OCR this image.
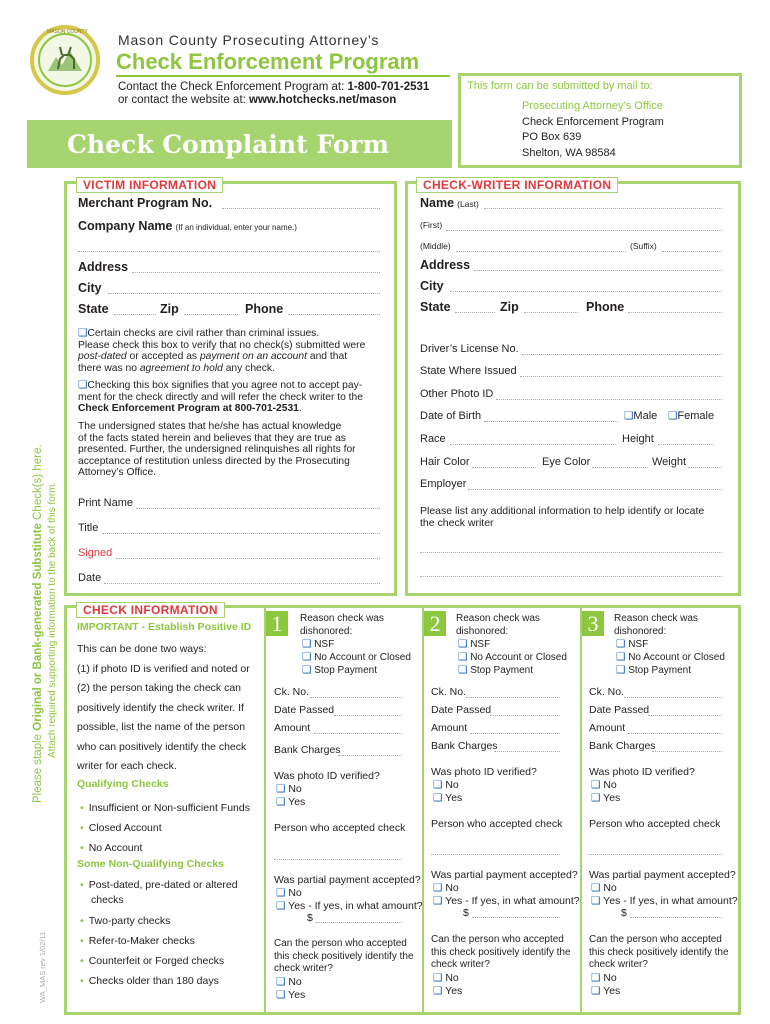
MASON COUNTY Mason County Prosecuting Attorney’s
Check Enforcement Program
Contact the Check Enforcement Program at: 1-800-701-2531
or contact the website at: www.hotchecks.net/mason
Check Complaint Form
This form can be submitted by mail to:
Prosecuting Attorney’s Office
Check Enforcement Program
PO Box 639
Shelton, WA 98584
Please staple Original or Bank-generated Substitute Check(s) here. Attach required supporting information to the back of this form.
WA_MAS rev 1/02/11
VICTIM INFORMATION
Merchant Program No.
Company Name (If an individual, enter your name.)
Address
City
State	Zip	Phone
❑Certain checks are civil rather than criminal issues.
Please check this box to verify that no check(s) submitted were
post-dated or accepted as payment on an account and that
there was no agreement to hold any check.
❑Checking this box signifies that you agree not to accept pay-
ment for the check directly and will refer the check writer to the
Check Enforcement Program at 800-701-2531.
The undersigned states that he/she has actual knowledge
of the facts stated herein and believes that they are true as
presented. Further, the undersigned relinquishes all rights for
acceptance of restitution unless directed by the Prosecuting
Attorney’s Office.
Print Name
Title
Signed
Date
CHECK-WRITER INFORMATION
Name (Last)
(First)
(Middle)	(Suffix)
Address
City
State	Zip	Phone
Driver’s License No.
State Where Issued
Other Photo ID
Date of Birth	❑Male ❑Female
Race	Height
Hair Color	Eye Color	Weight
Employer
Please list any additional information to help identify or locate
the check writer
CHECK INFORMATION
IMPORTANT - Establish Positive ID
This can be done two ways:
(1) if photo ID is verified and noted or
(2) the person taking the check can
positively identify the check writer. If
possible, list the name of the person
who can positively identify the check
writer for each check.
Qualifying Checks
• Insufficient or Non-sufficient Funds
• Closed Account
• No Account
Some Non-Qualifying Checks
• Post-dated, pre-dated or altered
checks
• Two-party checks
• Refer-to-Maker checks
• Counterfeit or Forged checks
• Checks older than 180 days
1	Reason check was
dishonored:
❑ NSF
❑ No Account or Closed
❑ Stop Payment
Ck. No.
Date Passed
Amount
Bank Charges
Was photo ID verified?
❑ No
❑ Yes
Person who accepted check
Was partial payment accepted?
❑ No
❑ Yes - If yes, in what amount?
$
Can the person who accepted
this check positively identify the
check writer?
❑ No
❑ Yes
2	Reason check was
dishonored:
❑ NSF
❑ No Account or Closed
❑ Stop Payment
Ck. No.
Date Passed
Amount
Bank Charges
Was photo ID verified?
❑ No
❑ Yes
Person who accepted check
Was partial payment accepted?
❑ No
❑ Yes - If yes, in what amount?
$
Can the person who accepted
this check positively identify the
check writer?
❑ No
❑ Yes
3	Reason check was
dishonored:
❑ NSF
❑ No Account or Closed
❑ Stop Payment
Ck. No.
Date Passed
Amount
Bank Charges
Was photo ID verified?
❑ No
❑ Yes
Person who accepted check
Was partial payment accepted?
❑ No
❑ Yes - If yes, in what amount?
$
Can the person who accepted
this check positively identify the
check writer?
❑ No
❑ Yes
